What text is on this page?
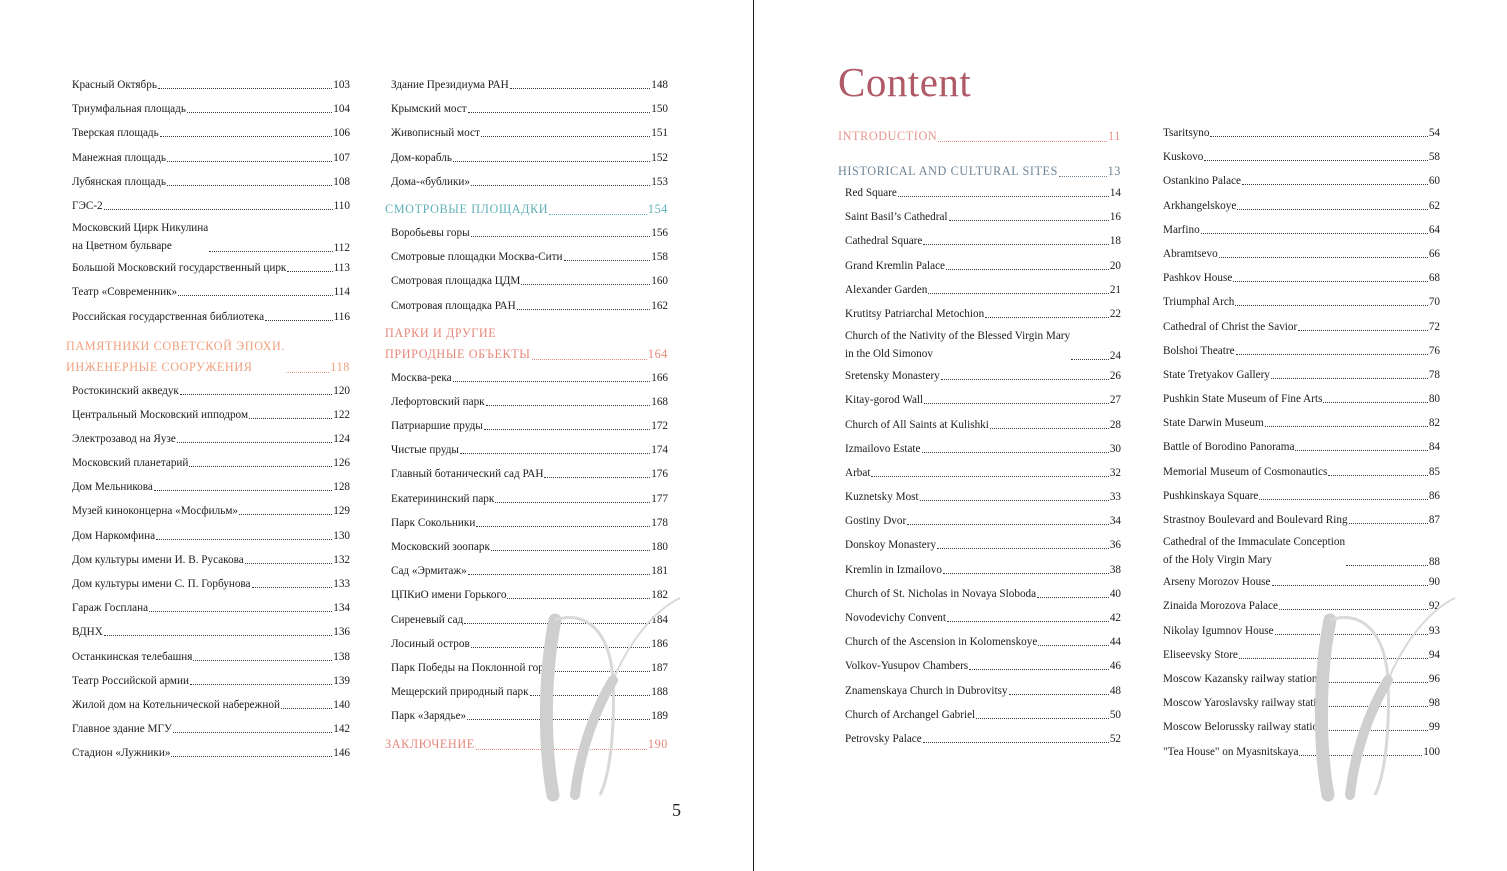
Красный Октябрь	103
Триумфальная площадь	104
Тверская площадь	106
Манежная площадь	107
Лубянская площадь	108
ГЭС-2	110
Московский Цирк Никулина
на Цветном бульваре	112
Большой Московский государственный цирк	113
Театр «Современник»	114
Российская государственная библиотека	116
ПАМЯТНИКИ СОВЕТСКОЙ ЭПОХИ.
ИНЖЕНЕРНЫЕ СООРУЖЕНИЯ	118
Ростокинский акведук	120
Центральный Московский ипподром	122
Электрозавод на Яузе	124
Московский планетарий	126
Дом Мельникова	128
Музей киноконцерна «Мосфильм»	129
Дом Наркомфина	130
Дом культуры имени И. В. Русакова	132
Дом культуры имени С. П. Горбунова	133
Гараж Госплана	134
ВДНХ	136
Останкинская телебашня	138
Театр Российской армии	139
Жилой дом на Котельнической набережной	140
Главное здание МГУ	142
Стадион «Лужники»	146
Здание Президиума РАН	148
Крымский мост	150
Живописный мост	151
Дом-корабль	152
Дома-«бублики»	153
СМОТРОВЫЕ ПЛОЩАДКИ	154
Воробьевы горы	156
Смотровые площадки Москва-Сити	158
Смотровая площадка ЦДМ	160
Смотровая площадка РАН	162
ПАРКИ И ДРУГИЕ
ПРИРОДНЫЕ ОБЪЕКТЫ	164
Москва-река	166
Лефортовский парк	168
Патриаршие пруды	172
Чистые пруды	174
Главный ботанический сад РАН	176
Екатерининский парк	177
Парк Сокольники	178
Московский зоопарк	180
Сад «Эрмитаж»	181
ЦПКиО имени Горького	182
Сиреневый сад	184
Лосиный остров	186
Парк Победы на Поклонной горе	187
Мещерский природный парк	188
Парк «Зарядье»	189
ЗАКЛЮЧЕНИЕ	190
5
Content
INTRODUCTION	11
HISTORICAL AND CULTURAL SITES	13
Red Square	14
Saint Basil’s Cathedral	16
Cathedral Square	18
Grand Kremlin Palace	20
Alexander Garden	21
Krutitsy Patriarchal Metochion	22
Church of the Nativity of the Blessed Virgin Mary
in the Old Simonov	24
Sretensky Monastery	26
Kitay-gorod Wall	27
Church of All Saints at Kulishki	28
Izmailovo Estate	30
Arbat	32
Kuznetsky Most	33
Gostiny Dvor	34
Donskoy Monastery	36
Kremlin in Izmailovo	38
Church of St. Nicholas in Novaya Sloboda	40
Novodevichy Convent	42
Church of the Ascension in Kolomenskoye	44
Volkov-Yusupov Chambers	46
Znamenskaya Church in Dubrovitsy	48
Church of Archangel Gabriel	50
Petrovsky Palace	52
Tsaritsyno	54
Kuskovo	58
Ostankino Palace	60
Arkhangelskoye	62
Marfino	64
Abramtsevo	66
Pashkov House	68
Triumphal Arch	70
Cathedral of Christ the Savior	72
Bolshoi Theatre	76
State Tretyakov Gallery	78
Pushkin State Museum of Fine Arts	80
State Darwin Museum	82
Battle of Borodino Panorama	84
Memorial Museum of Cosmonautics	85
Pushkinskaya Square	86
Strastnoy Boulevard and Boulevard Ring	87
Cathedral of the Immaculate Conception
of the Holy Virgin Mary	88
Arseny Morozov House	90
Zinaida Morozova Palace	92
Nikolay Igumnov House	93
Eliseevsky Store	94
Moscow Kazansky railway station	96
Moscow Yaroslavsky railway station	98
Moscow Belorussky railway station	99
"Tea House" on Myasnitskaya	100
